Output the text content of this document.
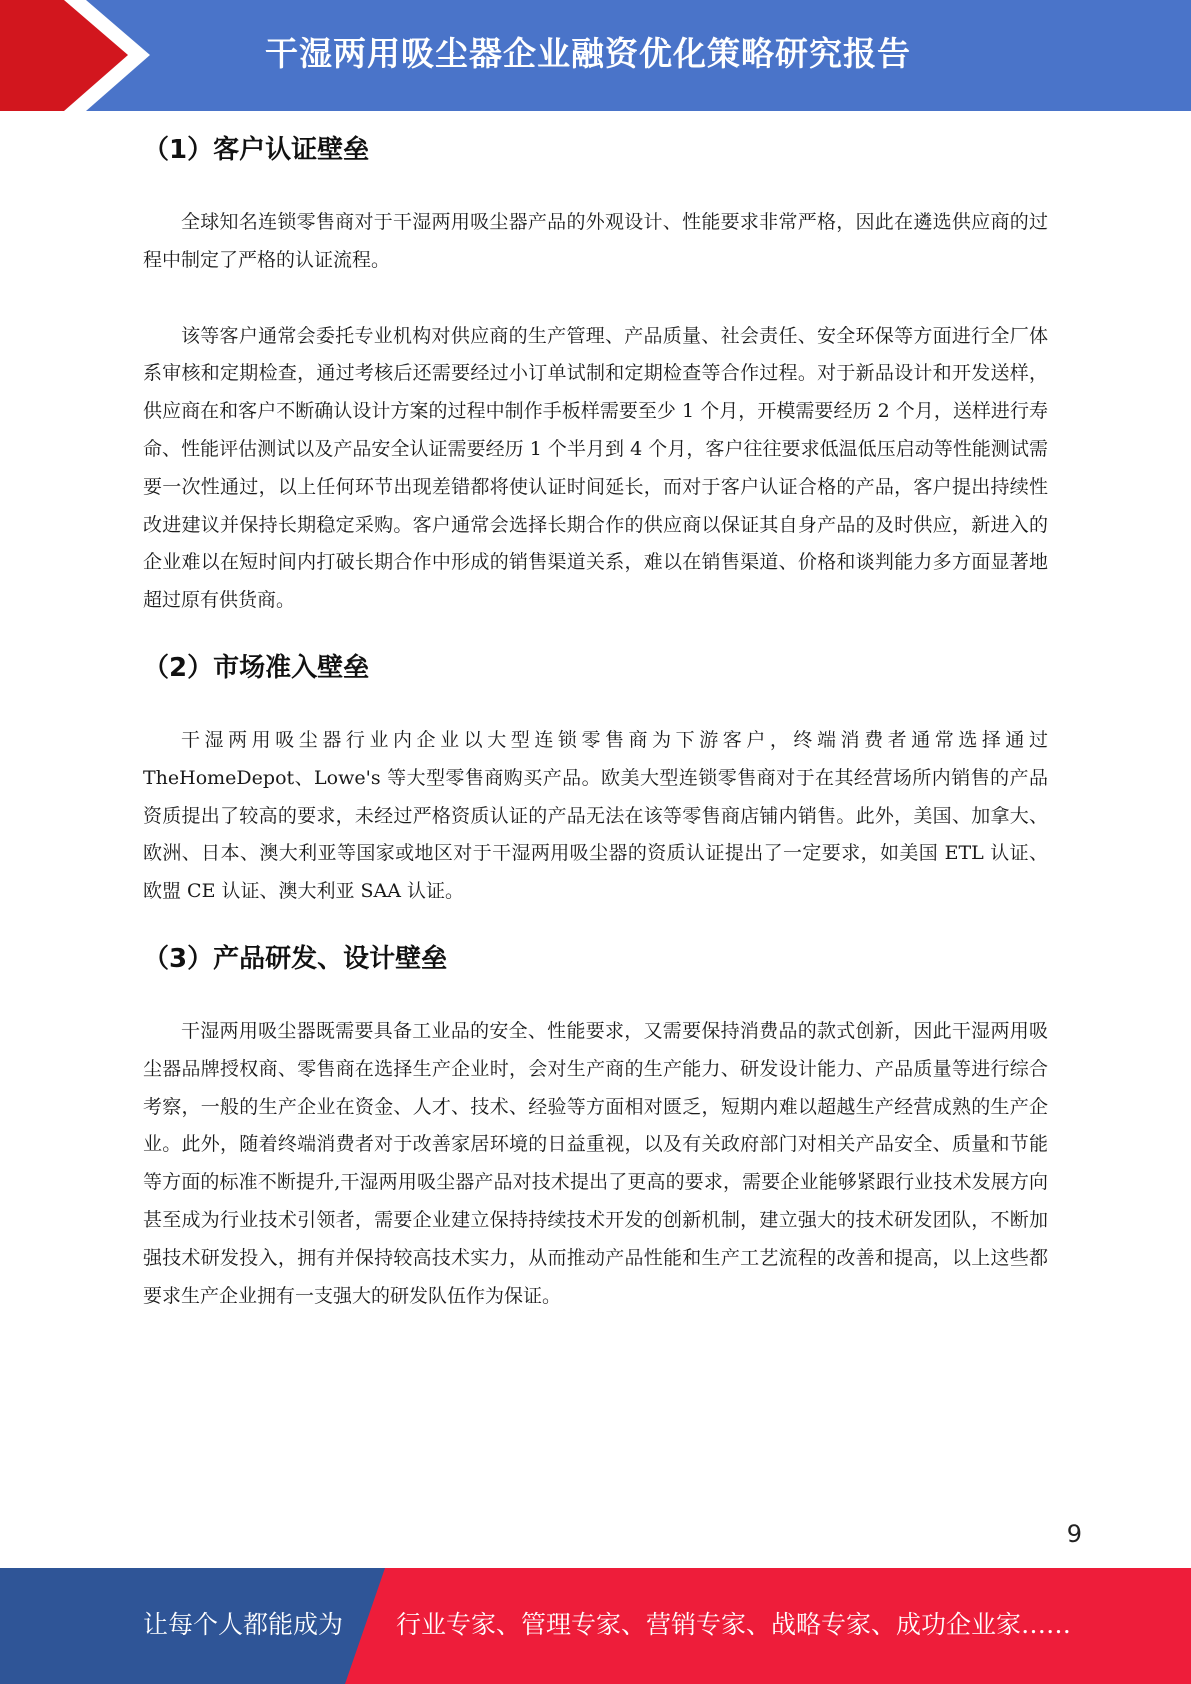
干湿两用吸尘器企业融资优化策略研究报告
（1）客户认证壁垒

全球知名连锁零售商对于干湿两用吸尘器产品的外观设计、性能要求非常严格，因此在遴选供应商的过程中制定了严格的认证流程。

该等客户通常会委托专业机构对供应商的生产管理、产品质量、社会责任、安全环保等方面进行全厂体系审核和定期检查，通过考核后还需要经过小订单试制和定期检查等合作过程。对于新品设计和开发送样，供应商在和客户不断确认设计方案的过程中制作手板样需要至少 1 个月，开模需要经历 2 个月，送样进行寿命、性能评估测试以及产品安全认证需要经历 1 个半月到 4 个月，客户往往要求低温低压启动等性能测试需要一次性通过，以上任何环节出现差错都将使认证时间延长，而对于客户认证合格的产品，客户提出持续性改进建议并保持长期稳定采购。客户通常会选择长期合作的供应商以保证其自身产品的及时供应，新进入的企业难以在短时间内打破长期合作中形成的销售渠道关系，难以在销售渠道、价格和谈判能力多方面显著地超过原有供货商。

（2）市场准入壁垒

干湿两用吸尘器行业内企业以大型连锁零售商为下游客户，终端消费者通常选择通过TheHomeDepot、Lowe's 等大型零售商购买产品。欧美大型连锁零售商对于在其经营场所内销售的产品资质提出了较高的要求，未经过严格资质认证的产品无法在该等零售商店铺内销售。此外，美国、加拿大、欧洲、日本、澳大利亚等国家或地区对于干湿两用吸尘器的资质认证提出了一定要求，如美国 ETL 认证、欧盟 CE 认证、澳大利亚 SAA 认证。

（3）产品研发、设计壁垒

干湿两用吸尘器既需要具备工业品的安全、性能要求，又需要保持消费品的款式创新，因此干湿两用吸尘器品牌授权商、零售商在选择生产企业时，会对生产商的生产能力、研发设计能力、产品质量等进行综合考察，一般的生产企业在资金、人才、技术、经验等方面相对匮乏，短期内难以超越生产经营成熟的生产企业。此外，随着终端消费者对于改善家居环境的日益重视，以及有关政府部门对相关产品安全、质量和节能等方面的标准不断提升,干湿两用吸尘器产品对技术提出了更高的要求，需要企业能够紧跟行业技术发展方向甚至成为行业技术引领者，需要企业建立保持持续技术开发的创新机制，建立强大的技术研发团队，不断加强技术研发投入，拥有并保持较高技术实力，从而推动产品性能和生产工艺流程的改善和提高，以上这些都要求生产企业拥有一支强大的研发队伍作为保证。

9
让每个人都能成为 行业专家、管理专家、营销专家、战略专家、成功企业家……
